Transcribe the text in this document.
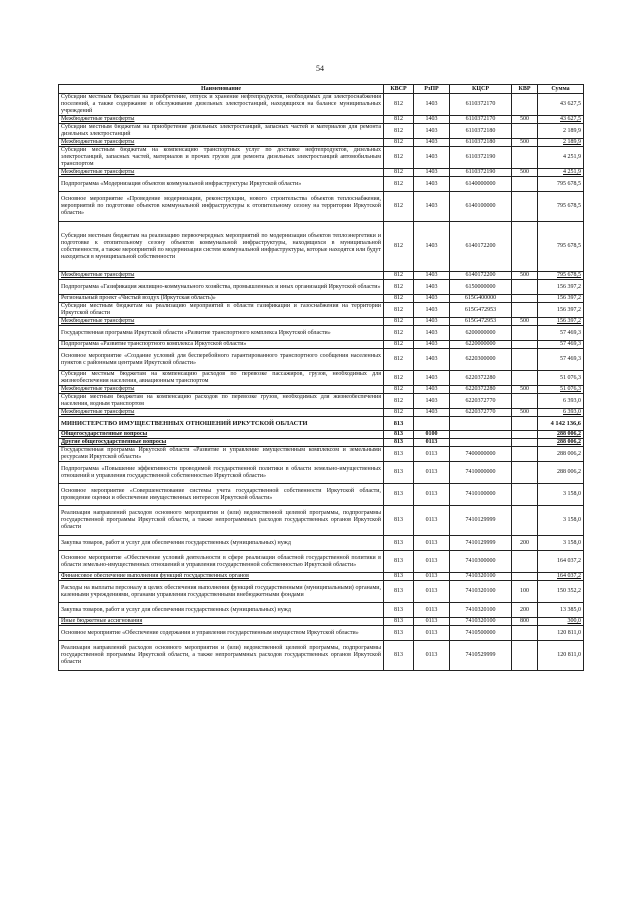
54
Наименование	КВСР	РзПР	КЦСР	КВР	Сумма
Субсидии местным бюджетам на приобретение, отпуск и хранение нефтепродуктов, необходимых для электроснабжения поселений, а также содержание и обслуживание дизельных электростанций, находящихся на балансе муниципальных учреждений	812	1403	6110372170		43 627,5
Межбюджетные трансферты	812	1403	6110372170	500	43 627,5
Субсидии местным бюджетам на приобретение дизельных электростанций, запасных частей и материалов для ремонта дизельных электростанций	812	1403	6110372180		2 189,9
Межбюджетные трансферты	812	1403	6110372180	500	2 189,9
Субсидии местным бюджетам на компенсацию транспортных услуг по доставке нефтепродуктов, дизельных электростанций, запасных частей, материалов и прочих грузов для ремонта дизельных электростанций автомобильным транспортом	812	1403	6110372190		4 251,9
Межбюджетные трансферты	812	1403	6110372190	500	4 251,9
Подпрограмма «Модернизация объектов коммунальной инфраструктуры Иркутской области»	812	1403	6140000000		795 678,5
Основное мероприятие «Проведение модернизации, реконструкции, нового строительства объектов теплоснабжения, мероприятий по подготовке объектов коммунальной инфраструктуры к отопительному сезону на территории Иркутской области»	812	1403	6140100000		795 678,5
Субсидии местным бюджетам на реализацию первоочередных мероприятий по модернизации объектов теплоэнергетики и подготовке к отопительному сезону объектов коммунальной инфраструктуры, находящихся в муниципальной собственности, а также мероприятий по модернизации систем коммунальной инфраструктуры, которые находятся или будут находиться в муниципальной собственности	812	1403	6140172200		795 678,5
Межбюджетные трансферты	812	1403	6140172200	500	795 678,5
Подпрограмма «Газификация жилищно-коммунального хозяйства, промышленных и иных организаций Иркутской области»	812	1403	6150000000		156 397,2
Региональный проект «Чистый воздух (Иркутская область)»	812	1403	615G400000		156 397,2
Субсидии местным бюджетам на реализацию мероприятий в области газификации и газоснабжения на территории Иркутской области	812	1403	615G472953		156 397,2
Межбюджетные трансферты	812	1403	615G472953	500	156 397,2
Государственная программа Иркутской области «Развитие транспортного комплекса Иркутской области»	812	1403	6200000000		57 469,3
Подпрограмма «Развитие транспортного комплекса Иркутской области»	812	1403	6220000000		57 469,3
Основное мероприятие «Создание условий для бесперебойного гарантированного транспортного сообщения населенных пунктов с районными центрами Иркутской области»	812	1403	6220300000		57 469,3
Субсидии местным бюджетам на компенсацию расходов по перевозке пассажиров, грузов, необходимых для жизнеобеспечения населения, авиационным транспортом	812	1403	6220372280		51 076,3
Межбюджетные трансферты	812	1403	6220372280	500	51 076,3
Субсидии местным бюджетам на компенсацию расходов по перевозке грузов, необходимых для жизнеобеспечения населения, водным транспортом	812	1403	6220372770		6 393,0
Межбюджетные трансферты	812	1403	6220372770	500	6 393,0
МИНИСТЕРСТВО ИМУЩЕСТВЕННЫХ ОТНОШЕНИЙ ИРКУТСКОЙ ОБЛАСТИ	813				4 142 136,6
Общегосударственные вопросы	813	0100			288 006,2
Другие общегосударственные вопросы	813	0113			288 006,2
Государственная программа Иркутской области «Развитие и управление имущественным комплексом и земельными ресурсами Иркутской области»	813	0113	7400000000		288 006,2
Подпрограмма «Повышение эффективности проводимой государственной политики в области земельно-имущественных отношений и управления государственной собственностью Иркутской области»	813	0113	7410000000		288 006,2
Основное мероприятие «Совершенствование системы учета государственной собственности Иркутской области, проведение оценки и обеспечение имущественных интересов Иркутской области»	813	0113	7410100000		3 158,0
Реализация направлений расходов основного мероприятия и (или) ведомственной целевой программы, подпрограммы государственной программы Иркутской области, а также непрограммных расходов государственных органов Иркутской области	813	0113	7410129999		3 158,0
Закупка товаров, работ и услуг для обеспечения государственных (муниципальных) нужд	813	0113	7410129999	200	3 158,0
Основное мероприятие «Обеспечение условий деятельности в сфере реализации областной государственной политики в области земельно-имущественных отношений и управления государственной собственностью Иркутской области»	813	0113	7410300000		164 037,2
Финансовое обеспечение выполнения функций государственных органов	813	0113	7410320100		164 037,2
Расходы на выплаты персоналу в целях обеспечения выполнения функций государственными (муниципальными) органами, казенными учреждениями, органами управления государственными внебюджетными фондами	813	0113	7410320100	100	150 352,2
Закупка товаров, работ и услуг для обеспечения государственных (муниципальных) нужд	813	0113	7410320100	200	13 385,0
Иные бюджетные ассигнования	813	0113	7410320100	800	300,0
Основное мероприятие «Обеспечение содержания и управления государственным имуществом Иркутской области»	813	0113	7410500000		120 811,0
Реализация направлений расходов основного мероприятия и (или) ведомственной целевой программы, подпрограммы государственной программы Иркутской области, а также непрограммных расходов государственных органов Иркутской области	813	0113	7410529999		120 811,0
